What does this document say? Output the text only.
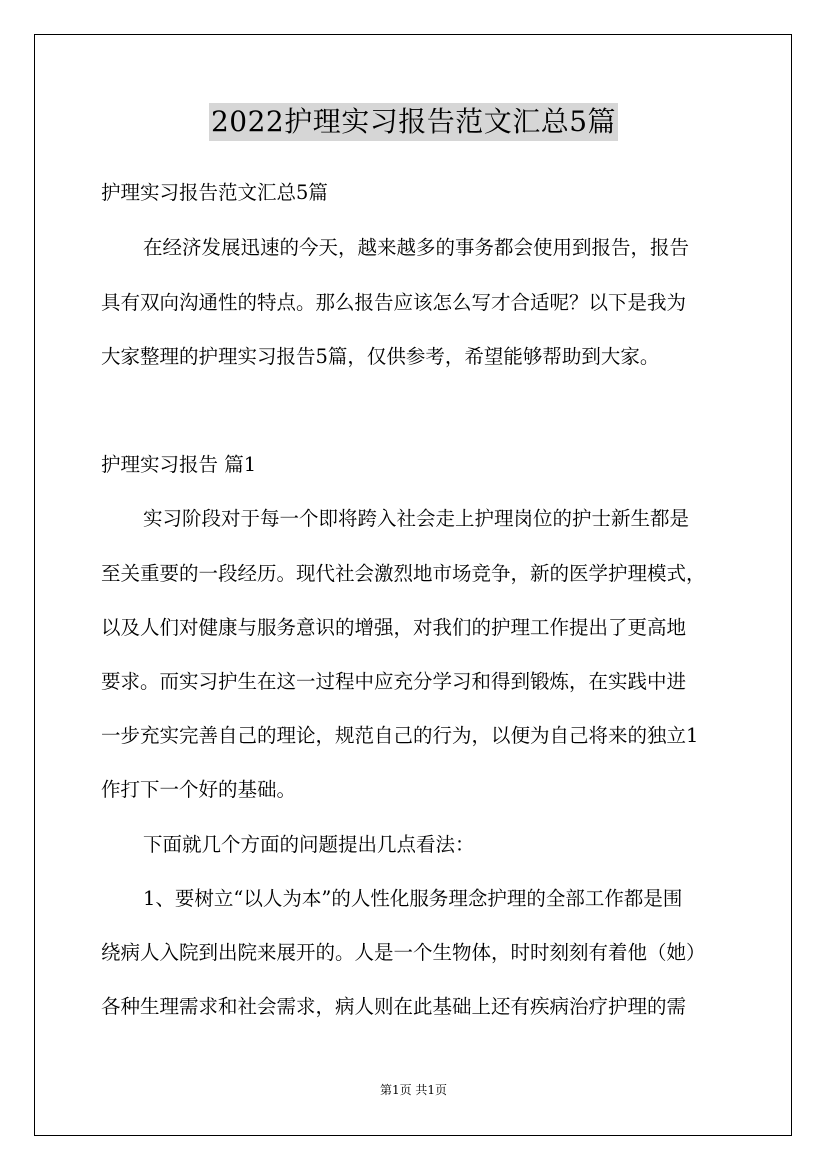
2022护理实习报告范文汇总5篇
护理实习报告范文汇总5篇
在经济发展迅速的今天，越来越多的事务都会使用到报告，报告
具有双向沟通性的特点。那么报告应该怎么写才合适呢？以下是我为
大家整理的护理实习报告5篇，仅供参考，希望能够帮助到大家。
护理实习报告 篇1
实习阶段对于每一个即将跨入社会走上护理岗位的护士新生都是
至关重要的一段经历。现代社会激烈地市场竞争，新的医学护理模式，
以及人们对健康与服务意识的增强，对我们的护理工作提出了更高地
要求。而实习护生在这一过程中应充分学习和得到锻炼，在实践中进
一步充实完善自己的理论，规范自己的行为，以便为自己将来的独立1
作打下一个好的基础。
下面就几个方面的问题提出几点看法：
1、要树立“以人为本”的人性化服务理念护理的全部工作都是围
绕病人入院到出院来展开的。人是一个生物体，时时刻刻有着他（她）
各种生理需求和社会需求，病人则在此基础上还有疾病治疗护理的需
第1页 共1页
